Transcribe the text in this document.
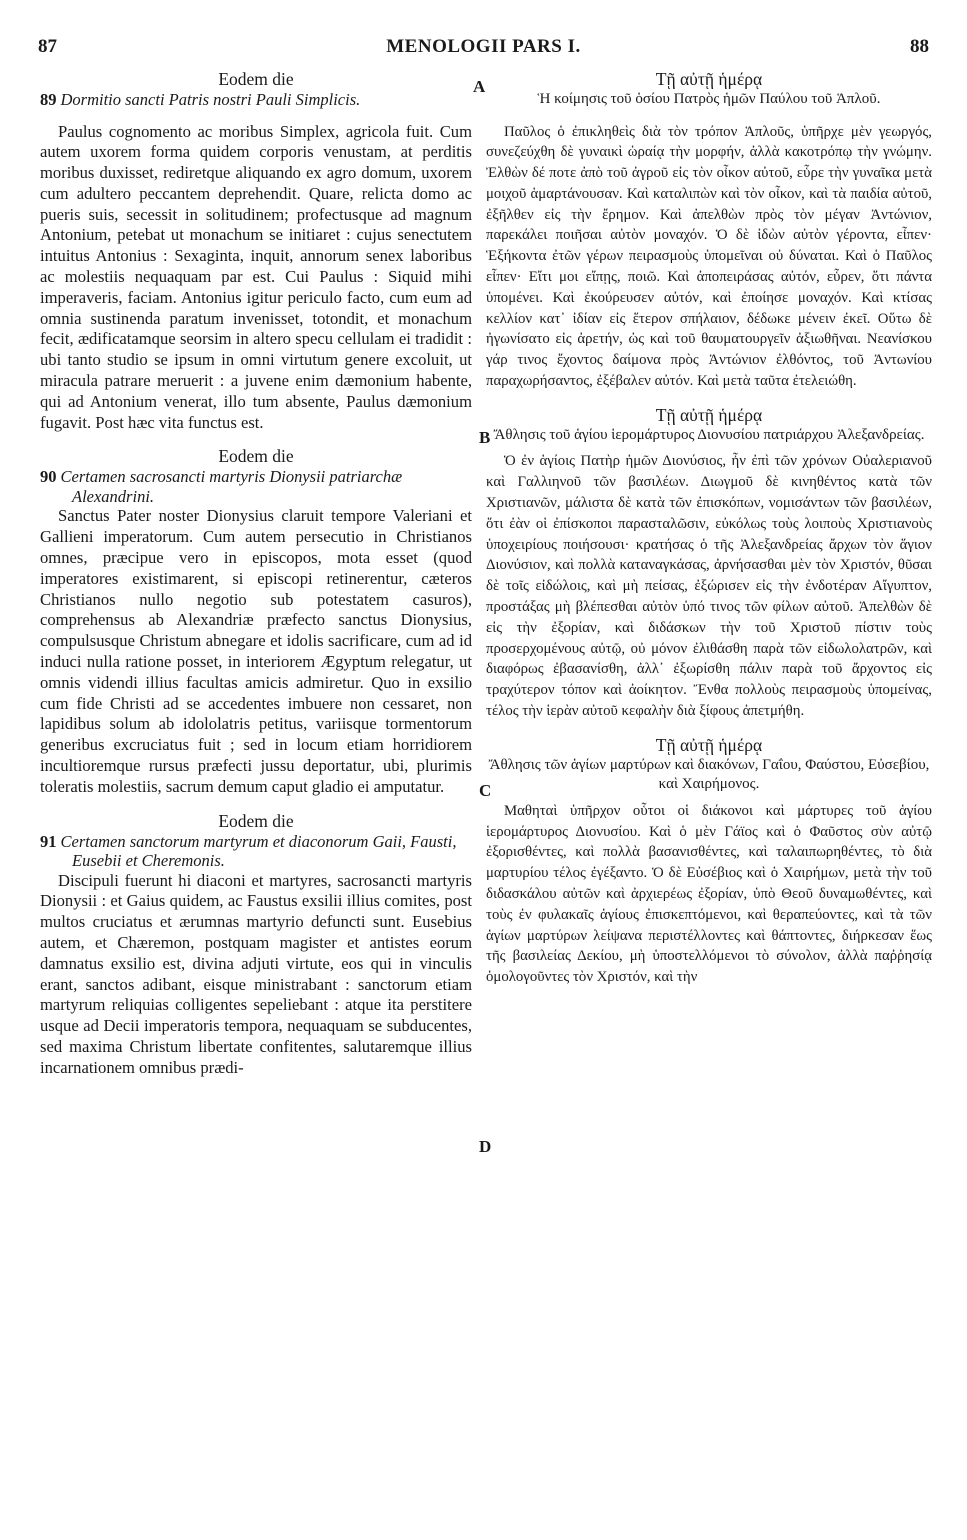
87	MENOLOGII PARS I.	88
A
B
C
D

Eodem die

89 Dormitio sancti Patris nostri Pauli Simplicis.

Paulus cognomento ac moribus Simplex, agricola fuit. Cum autem uxorem forma quidem corporis venustam, at perditis moribus duxisset, rediretque aliquando ex agro domum, uxorem cum adultero peccantem deprehendit. Quare, relicta domo ac pueris suis, secessit in solitudinem; profectusque ad magnum Antonium, petebat ut monachum se initiaret : cujus senectutem intuitus Antonius : Sexaginta, inquit, annorum senex laboribus ac molestiis nequaquam par est. Cui Paulus : Siquid mihi imperaveris, faciam. Antonius igitur periculo facto, cum eum ad omnia sustinenda paratum invenisset, totondit, et monachum fecit, ædificatamque seorsim in altero specu cellulam ei tradidit : ubi tanto studio se ipsum in omni virtutum genere excoluit, ut miracula patrare meruerit : a juvene enim dæmonium habente, qui ad Antonium venerat, illo tum absente, Paulus dæmonium fugavit. Post hæc vita functus est.

Eodem die

90 Certamen sacrosancti martyris Dionysii patriarchæ Alexandrini.

Sanctus Pater noster Dionysius claruit tempore Valeriani et Gallieni imperatorum. Cum autem persecutio in Christianos omnes, præcipue vero in episcopos, mota esset (quod imperatores existimarent, si episcopi retinerentur, cæteros Christianos nullo negotio sub potestatem casuros), comprehensus ab Alexandriæ præfecto sanctus Dionysius, compulsusque Christum abnegare et idolis sacrificare, cum ad id induci nulla ratione posset, in interiorem Ægyptum relegatur, ut omnis videndi illius facultas amicis admiretur. Quo in exsilio cum fide Christi ad se accedentes imbuere non cessaret, non lapidibus solum ab idololatris petitus, variisque tormentorum generibus excruciatus fuit ; sed in locum etiam horridiorem incultioremque rursus præfecti jussu deportatur, ubi, plurimis toleratis molestiis, sacrum demum caput gladio ei amputatur.

Eodem die

91 Certamen sanctorum martyrum et diaconorum Gaii, Fausti, Eusebii et Cheremonis.

Discipuli fuerunt hi diaconi et martyres, sacrosancti martyris Dionysii : et Gaius quidem, ac Faustus exsilii illius comites, post multos cruciatus et ærumnas martyrio defuncti sunt. Eusebius autem, et Chæremon, postquam magister et antistes eorum damnatus exsilio est, divina adjuti virtute, eos qui in vinculis erant, sanctos adibant, eisque ministrabant : sanctorum etiam martyrum reliquias colligentes sepeliebant : atque ita perstitere usque ad Decii imperatoris tempora, nequaquam se subducentes, sed maxima Christum libertate confitentes, salutaremque illius incarnationem omnibus prædi-

Τῇ αὐτῇ ἡμέρᾳ

Ἡ κοίμησις τοῦ ὁσίου Πατρὸς ἡμῶν Παύλου τοῦ Ἁπλοῦ.

Παῦλος ὁ ἐπικληθεὶς διὰ τὸν τρόπον Ἁπλοῦς, ὑπῆρχε μὲν γεωργός, συνεζεύχθη δὲ γυναικὶ ὡραίᾳ τὴν μορφήν, ἀλλὰ κακοτρόπῳ τὴν γνώμην. Ἐλθὼν δέ ποτε ἀπὸ τοῦ ἀγροῦ εἰς τὸν οἶκον αὐτοῦ, εὗρε τὴν γυναῖκα μετὰ μοιχοῦ ἁμαρτάνουσαν. Καὶ καταλιπὼν καὶ τὸν οἶκον, καὶ τὰ παιδία αὐτοῦ, ἐξῆλθεν εἰς τὴν ἔρημον. Καὶ ἀπελθὼν πρὸς τὸν μέγαν Ἀντώνιον, παρεκάλει ποιῆσαι αὐτὸν μοναχόν. Ὁ δὲ ἰδὼν αὐτὸν γέροντα, εἶπεν· Ἑξήκοντα ἐτῶν γέρων πειρασμοὺς ὑπομεῖναι οὐ δύναται. Καὶ ὁ Παῦλος εἶπεν· Εἴτι μοι εἴπῃς, ποιῶ. Καὶ ἀποπειράσας αὐτόν, εὗρεν, ὅτι πάντα ὑπομένει. Καὶ ἐκούρευσεν αὐτόν, καὶ ἐποίησε μοναχόν. Καὶ κτίσας κελλίον κατ᾽ ἰδίαν εἰς ἕτερον σπήλαιον, δέδωκε μένειν ἐκεῖ. Οὕτω δὲ ἠγωνίσατο εἰς ἀρετήν, ὡς καὶ τοῦ θαυματουργεῖν ἀξιωθῆναι. Νεανίσκου γάρ τινος ἔχοντος δαίμονα πρὸς Ἀντώνιον ἐλθόντος, τοῦ Ἀντωνίου παραχωρήσαντος, ἐξέβαλεν αὐτόν. Καὶ μετὰ ταῦτα ἐτελειώθη.

Τῇ αὐτῇ ἡμέρᾳ

Ἄθλησις τοῦ ἁγίου ἱερομάρτυρος Διονυσίου πατριάρχου Ἀλεξανδρείας.

Ὁ ἐν ἁγίοις Πατὴρ ἡμῶν Διονύσιος, ἦν ἐπὶ τῶν χρόνων Οὐαλεριανοῦ καὶ Γαλλιηνοῦ τῶν βασιλέων. Διωγμοῦ δὲ κινηθέντος κατὰ τῶν Χριστιανῶν, μάλιστα δὲ κατὰ τῶν ἐπισκόπων, νομισάντων τῶν βασιλέων, ὅτι ἐὰν οἱ ἐπίσκοποι παρασταλῶσιν, εὐκόλως τοὺς λοιποὺς Χριστιανοὺς ὑποχειρίους ποιήσουσι· κρατήσας ὁ τῆς Ἀλεξανδρείας ἄρχων τὸν ἅγιον Διονύσιον, καὶ πολλὰ καταναγκάσας, ἀρνήσασθαι μὲν τὸν Χριστόν, θῦσαι δὲ τοῖς εἰδώλοις, καὶ μὴ πείσας, ἐξώρισεν εἰς τὴν ἐνδοτέραν Αἴγυπτον, προστάξας μὴ βλέπεσθαι αὐτὸν ὑπό τινος τῶν φίλων αὐτοῦ. Ἀπελθὼν δὲ εἰς τὴν ἐξορίαν, καὶ διδάσκων τὴν τοῦ Χριστοῦ πίστιν τοὺς προσερχομένους αὐτῷ, οὐ μόνον ἐλιθάσθη παρὰ τῶν εἰδωλολατρῶν, καὶ διαφόρως ἐβασανίσθη, ἀλλ᾽ ἐξωρίσθη πάλιν παρὰ τοῦ ἄρχοντος εἰς τραχύτερον τόπον καὶ ἀοίκητον. Ἔνθα πολλοὺς πειρασμοὺς ὑπομείνας, τέλος τὴν ἱερὰν αὐτοῦ κεφαλὴν διὰ ξίφους ἀπετμήθη.

Τῇ αὐτῇ ἡμέρᾳ

Ἄθλησις τῶν ἁγίων μαρτύρων καὶ διακόνων, Γαΐου, Φαύστου, Εὐσεβίου, καὶ Χαιρήμονος.

Μαθηταὶ ὑπῆρχον οὗτοι οἱ διάκονοι καὶ μάρτυρες τοῦ ἁγίου ἱερομάρτυρος Διονυσίου. Καὶ ὁ μὲν Γάϊος καὶ ὁ Φαῦστος σὺν αὐτῷ ἐξορισθέντες, καὶ πολλὰ βασανισθέντες, καὶ ταλαιπωρηθέντες, τὸ διὰ μαρτυρίου τέλος ἐγέξαντο. Ὁ δὲ Εὐσέβιος καὶ ὁ Χαιρήμων, μετὰ τὴν τοῦ διδασκάλου αὐτῶν καὶ ἀρχιερέως ἐξορίαν, ὑπὸ Θεοῦ δυναμωθέντες, καὶ τοὺς ἐν φυλακαῖς ἁγίους ἐπισκεπτόμενοι, καὶ θεραπεύοντες, καὶ τὰ τῶν ἁγίων μαρτύρων λείψανα περιστέλλοντες καὶ θάπτοντες, διήρκεσαν ἕως τῆς βασιλείας Δεκίου, μὴ ὑποστελλόμενοι τὸ σύνολον, ἀλλὰ παῤῥησίᾳ ὁμολογοῦντες τὸν Χριστόν, καὶ τὴν
